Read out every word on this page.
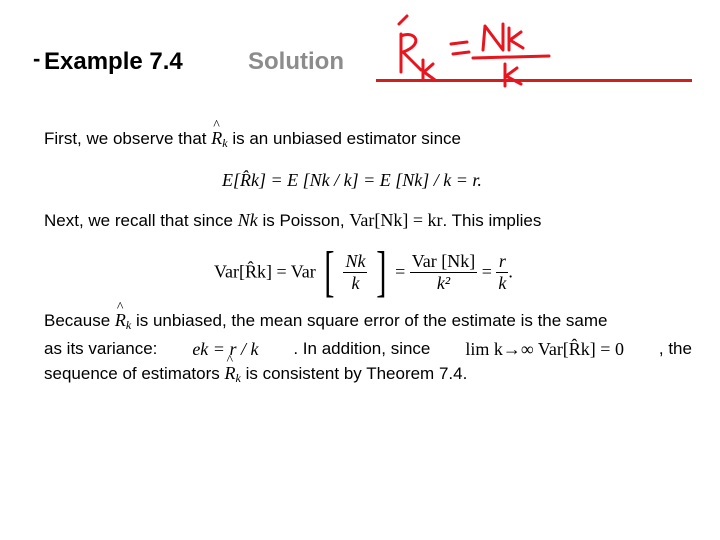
- Example 7.4	Solution
First, we observe that ^ $R_k$ is an unbiased estimator since
E[R̂k] = E [Nk / k] = E [Nk] / k = r.
Next, we recall that since Nk is Poisson, Var[Nk] = kr. This implies
Var[R̂k] = Var [ $\frac{Nk}{k}$ ] = $\frac{\text{Var [Nk]}}{\text{k²}} = \frac{r}{k}$ .
Because ^ $R_k$ is unbiased, the mean square error of the estimate is the same
as its variance: ek = r / k . In addition, since lim k→∞ Var[R̂k] = 0 , the
sequence of estimators ^ $R_k$ is consistent by Theorem 7.4.
